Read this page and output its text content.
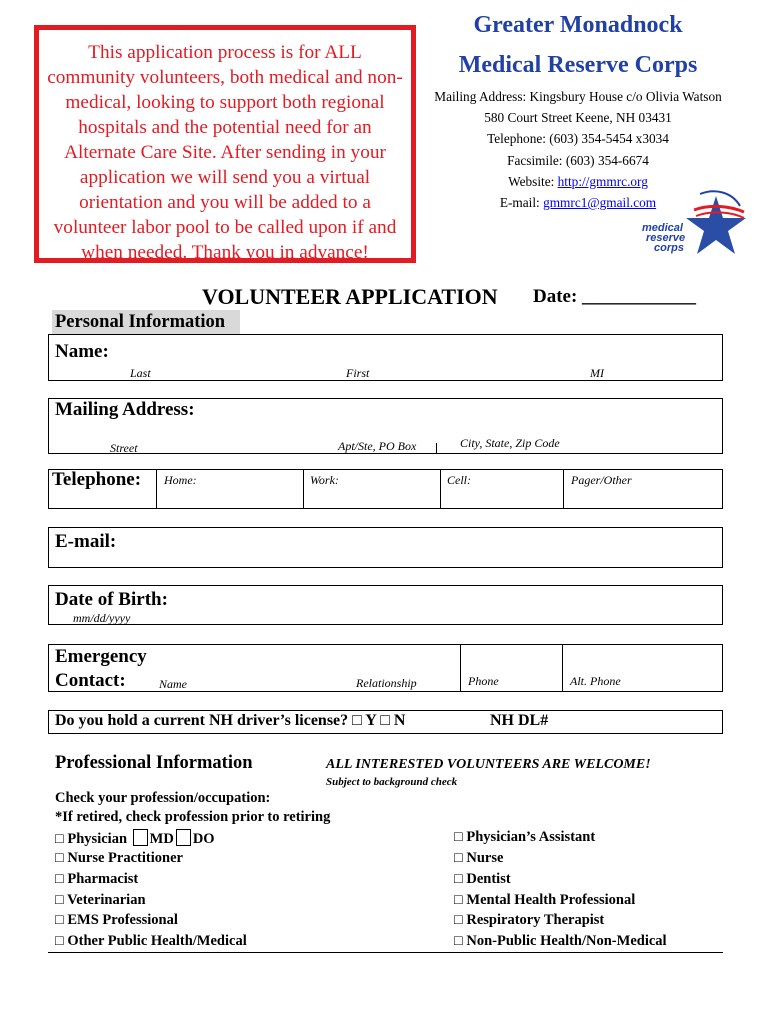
This application process is for ALL community volunteers, both medical and non-medical, looking to support both regional hospitals and the potential need for an Alternate Care Site. After sending in your application we will send you a virtual orientation and you will be added to a volunteer labor pool to be called upon if and when needed. Thank you in advance!
Greater Monadnock
Medical Reserve Corps
Mailing Address: Kingsbury House c/o Olivia Watson
580 Court Street Keene, NH 03431
Telephone: (603) 354-5454 x3034
Facsimile: (603) 354-6674
Website: http://gmmrc.org
E-mail: gmmrc1@gmail.com
medical
reserve
corps
VOLUNTEER APPLICATION Date: ____________
Personal Information
Name:
Last	First	MI
Mailing Address:
Street	Apt/Ste, PO Box	City, State, Zip Code
Telephone: Home:	Work:	Cell:	Pager/Other
E-mail:
Date of Birth:
mm/dd/yyyy
Emergency
Contact:	Name	Relationship	Phone	Alt. Phone
Do you hold a current NH driver’s license? □ Y □ N	NH DL#
Professional Information	ALL INTERESTED VOLUNTEERS ARE WELCOME!
Subject to background check
Check your profession/occupation:
*If retired, check profession prior to retiring
□ Physician MD DO
□ Nurse Practitioner
□ Pharmacist
□ Veterinarian
□ EMS Professional
□ Other Public Health/Medical
□ Physician’s Assistant
□ Nurse
□ Dentist
□ Mental Health Professional
□ Respiratory Therapist
□ Non-Public Health/Non-Medical
